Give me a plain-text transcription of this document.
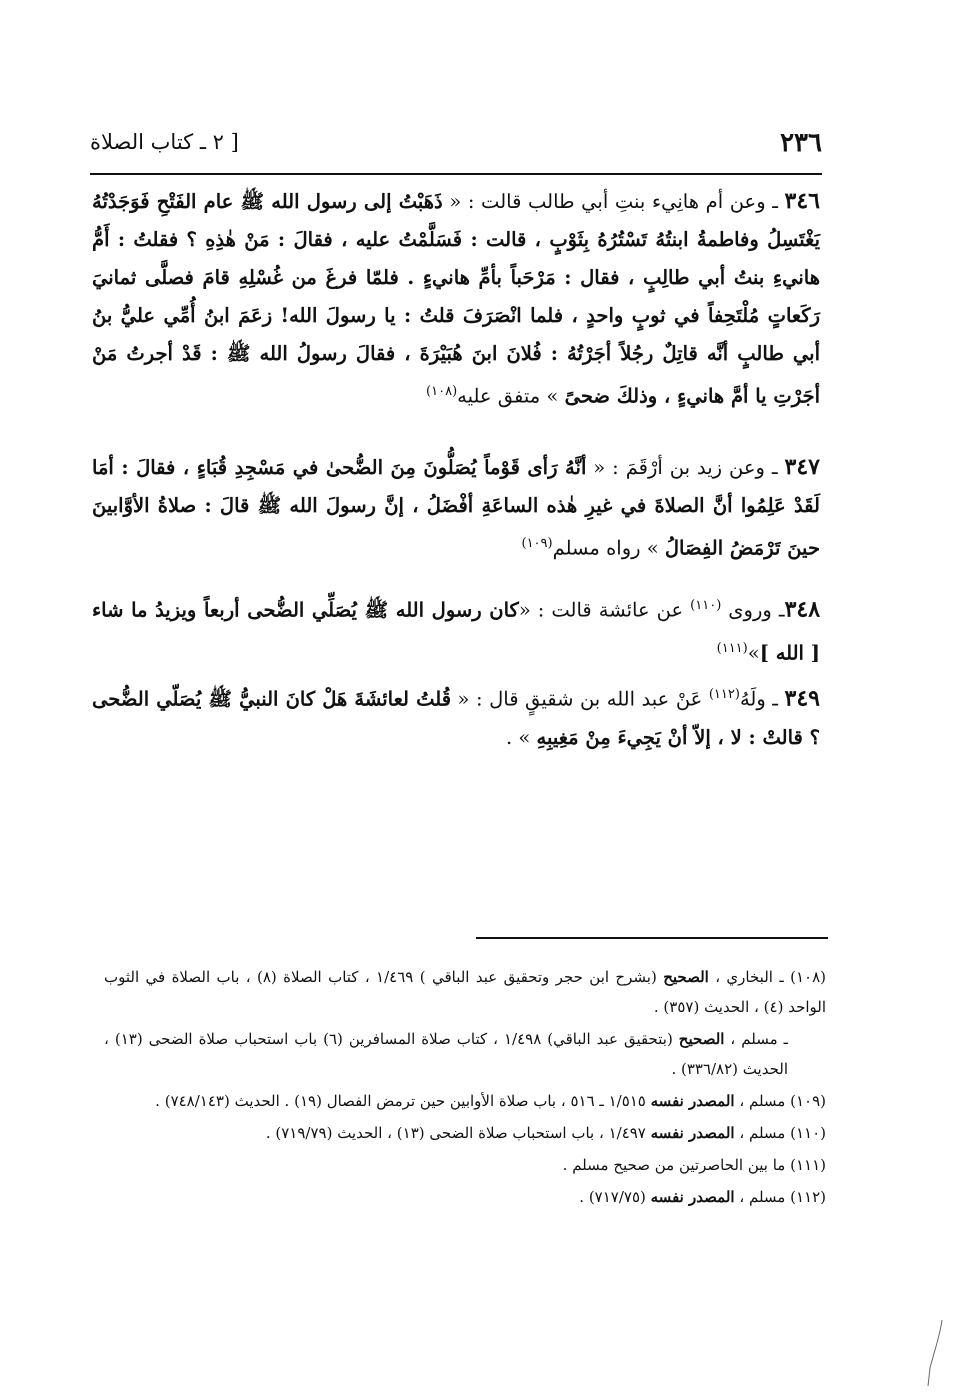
٢٣٦
[ ٢ ـ كتاب الصلاة

٣٤٦ ـ وعن أم هانِيء بنتِ أبي طالب قالت : « ذَهَبْتُ إلى رسول الله ﷺ عام الفَتْحِ فَوَجَدْتُهُ يَغْتَسِلُ وفاطمةُ ابنتُهُ تَسْتُرُهُ بِثَوْبٍ ، قالت : فَسَلَّمْتُ عليه ، فقالَ : مَنْ هٰذِهِ ؟ فقلتُ : أَمُّ هانيءِ بنتُ أبي طالِبٍ ، فقال : مَرْحَباً بأمِّ هانيءٍ . فلمّا فرغَ من غُسْلِهِ قامَ فصلَّى ثمانيَ رَكَعاتٍ مُلْتَحِفاً في ثوبٍ واحدٍ ، فلما انْصَرَفَ قلتُ : يا رسولَ الله! زعَمَ ابنُ أُمِّي عليُّ بنُ أبي طالبٍ أنَّه قاتِلٌ رجُلاً أجَرْتُهُ : فُلانَ ابنَ هُبَيْرَةَ ، فقالَ رسولُ الله ﷺ : قَدْ أجرتُ مَنْ أجَرْتِ يا أمَّ هانيءٍ ، وذلكَ ضحىً » متفق عليه$^{(١٠٨)}$

٣٤٧ ـ وعن زيد بن أرْقَمَ : « أنَّهُ رَأى قَوْماً يُصَلُّونَ مِنَ الضُّحىٰ في مَسْجِدِ قُبَاءٍ ، فقالَ : أمَا لَقَدْ عَلِمُوا أنَّ الصلاةَ في غيرِ هٰذه الساعَةِ أفْضَلُ ، إنَّ رسولَ الله ﷺ قالَ : صلاةُ الأوَّابينَ حينَ تَرْمَضُ الفِصَالُ » رواه مسلم$^{(١٠٩)}$

٣٤٨ـ وروى $^{(١١٠)}$ عن عائشة قالت : «كان رسول الله ﷺ يُصَلِّي الضُّحى أربعاً ويزيدُ ما شاء [ الله ]»$^{(١١١)}$

٣٤٩ ـ ولَهُ$^{(١١٢)}$ عَنْ عبد الله بن شقيقٍ قال : « قُلتُ لعائشَةَ هَلْ كانَ النبيُّ ﷺ يُصَلّي الضُّحى ؟ قالتْ : لا ، إلاّ أنْ يَجِيءَ مِنْ مَغِيبِهِ » .

(١٠٨) ـ البخاري ، الصحيح (بشرح ابن حجر وتحقيق عبد الباقي ) ١/٤٦٩ ، كتاب الصلاة (٨) ، باب الصلاة في الثوب الواحد (٤) ، الحديث (٣٥٧) .

ـ مسلم ، الصحيح (بتحقيق عبد الباقي) ١/٤٩٨ ، كتاب صلاة المسافرين (٦) باب استحباب صلاة الضحى (١٣) ، الحديث (٣٣٦/٨٢) .

(١٠٩) مسلم ، المصدر نفسه ١/٥١٥ ـ ٥١٦ ، باب صلاة الأوابين حين ترمض الفصال (١٩) . الحديث (٧٤٨/١٤٣) .

(١١٠) مسلم ، المصدر نفسه ١/٤٩٧ ، باب استحباب صلاة الضحى (١٣) ، الحديث (٧١٩/٧٩) .

(١١١) ما بين الحاصرتين من صحيح مسلم .

(١١٢) مسلم ، المصدر نفسه (٧١٧/٧٥) .
